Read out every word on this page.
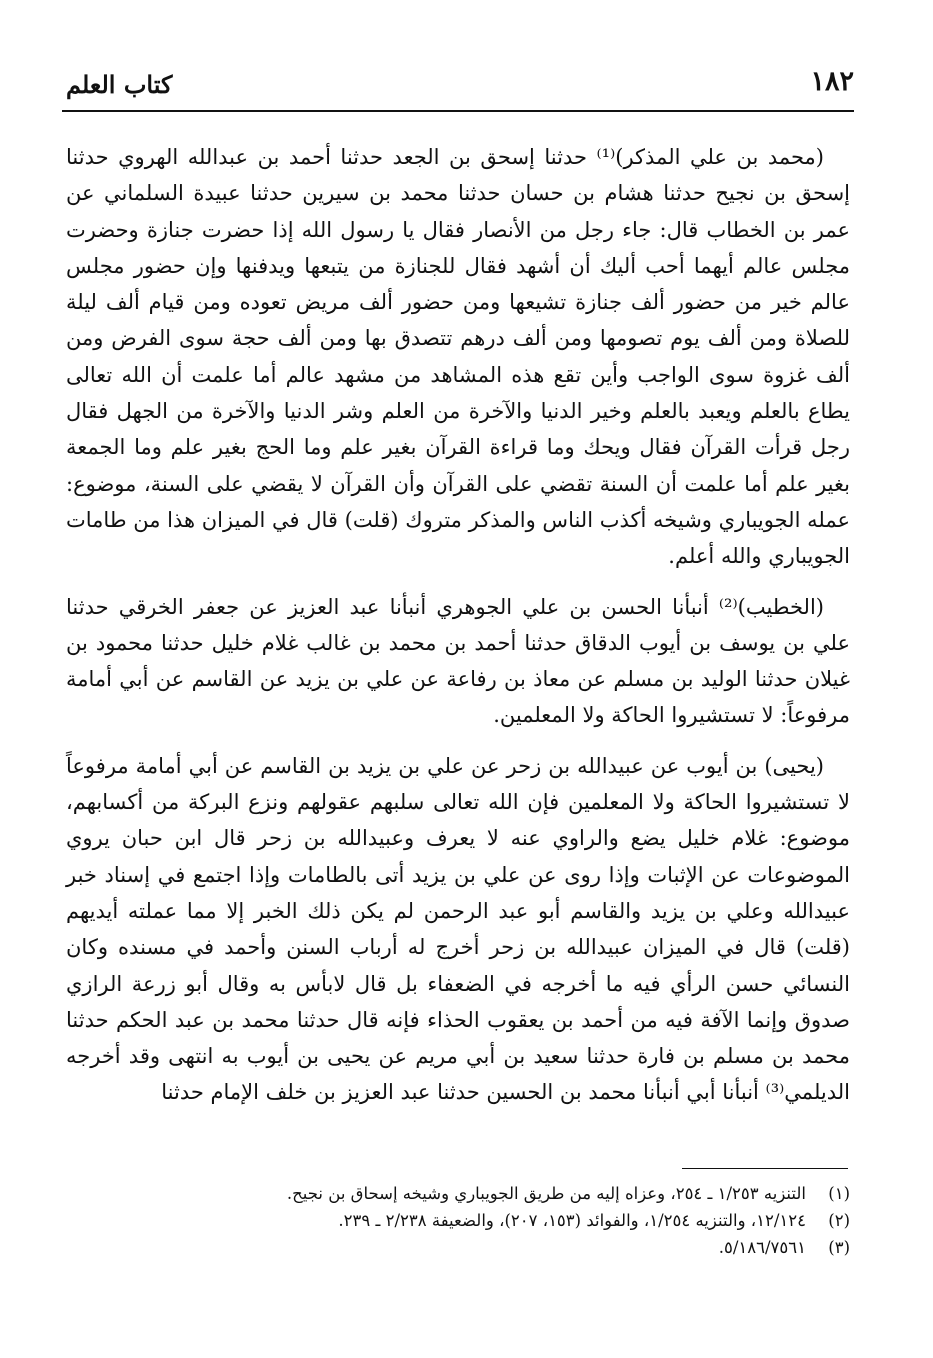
١٨٢
كتاب العلم

(محمد بن علي المذكر)⁽¹⁾ حدثنا إسحق بن الجعد حدثنا أحمد بن عبدالله الهروي حدثنا إسحق بن نجيح حدثنا هشام بن حسان حدثنا محمد بن سيرين حدثنا عبيدة السلماني عن عمر بن الخطاب قال: جاء رجل من الأنصار فقال يا رسول الله إذا حضرت جنازة وحضرت مجلس عالم أيهما أحب أليك أن أشهد فقال للجنازة من يتبعها ويدفنها وإن حضور مجلس عالم خير من حضور ألف جنازة تشيعها ومن حضور ألف مريض تعوده ومن قيام ألف ليلة للصلاة ومن ألف يوم تصومها ومن ألف درهم تتصدق بها ومن ألف حجة سوى الفرض ومن ألف غزوة سوى الواجب وأين تقع هذه المشاهد من مشهد عالم أما علمت أن الله تعالى يطاع بالعلم ويعبد بالعلم وخير الدنيا والآخرة من العلم وشر الدنيا والآخرة من الجهل فقال رجل قرأت القرآن فقال ويحك وما قراءة القرآن بغير علم وما الحج بغير علم وما الجمعة بغير علم أما علمت أن السنة تقضي على القرآن وأن القرآن لا يقضي على السنة، موضوع: عمله الجويباري وشيخه أكذب الناس والمذكر متروك (قلت) قال في الميزان هذا من طامات الجويباري والله أعلم.

(الخطيب)⁽²⁾ أنبأنا الحسن بن علي الجوهري أنبأنا عبد العزيز عن جعفر الخرقي حدثنا علي بن يوسف بن أيوب الدقاق حدثنا أحمد بن محمد بن غالب غلام خليل حدثنا محمود بن غيلان حدثنا الوليد بن مسلم عن معاذ بن رفاعة عن علي بن يزيد عن القاسم عن أبي أمامة مرفوعاً: لا تستشيروا الحاكة ولا المعلمين.

(يحيى) بن أيوب عن عبيدالله بن زحر عن علي بن يزيد بن القاسم عن أبي أمامة مرفوعاً لا تستشيروا الحاكة ولا المعلمين فإن الله تعالى سلبهم عقولهم ونزع البركة من أكسابهم، موضوع: غلام خليل يضع والراوي عنه لا يعرف وعبيدالله بن زحر قال ابن حبان يروي الموضوعات عن الإثبات وإذا روى عن علي بن يزيد أتى بالطامات وإذا اجتمع في إسناد خبر عبيدالله وعلي بن يزيد والقاسم أبو عبد الرحمن لم يكن ذلك الخبر إلا مما عملته أيديهم (قلت) قال في الميزان عبيدالله بن زحر أخرج له أرباب السنن وأحمد في مسنده وكان النسائي حسن الرأي فيه ما أخرجه في الضعفاء بل قال لابأس به وقال أبو زرعة الرازي صدوق وإنما الآفة فيه من أحمد بن يعقوب الحذاء فإنه قال حدثنا محمد بن عبد الحكم حدثنا محمد بن مسلم بن فارة حدثنا سعيد بن أبي مريم عن يحيى بن أيوب به انتهى وقد أخرجه الديلمي⁽³⁾ أنبأنا أبي أنبأنا محمد بن الحسين حدثنا عبد العزيز بن خلف الإمام حدثنا

(١)
التنزيه ١/٢٥٣ ـ ٢٥٤، وعزاه إليه من طريق الجويباري وشيخه إسحاق بن نجيح.
(٢)
١٢/١٢٤، والتنزيه ١/٢٥٤، والفوائد (١٥٣، ٢٠٧)، والضعيفة ٢/٢٣٨ ـ ٢٣٩.
(٣)
٥/١٨٦/٧٥٦١.
